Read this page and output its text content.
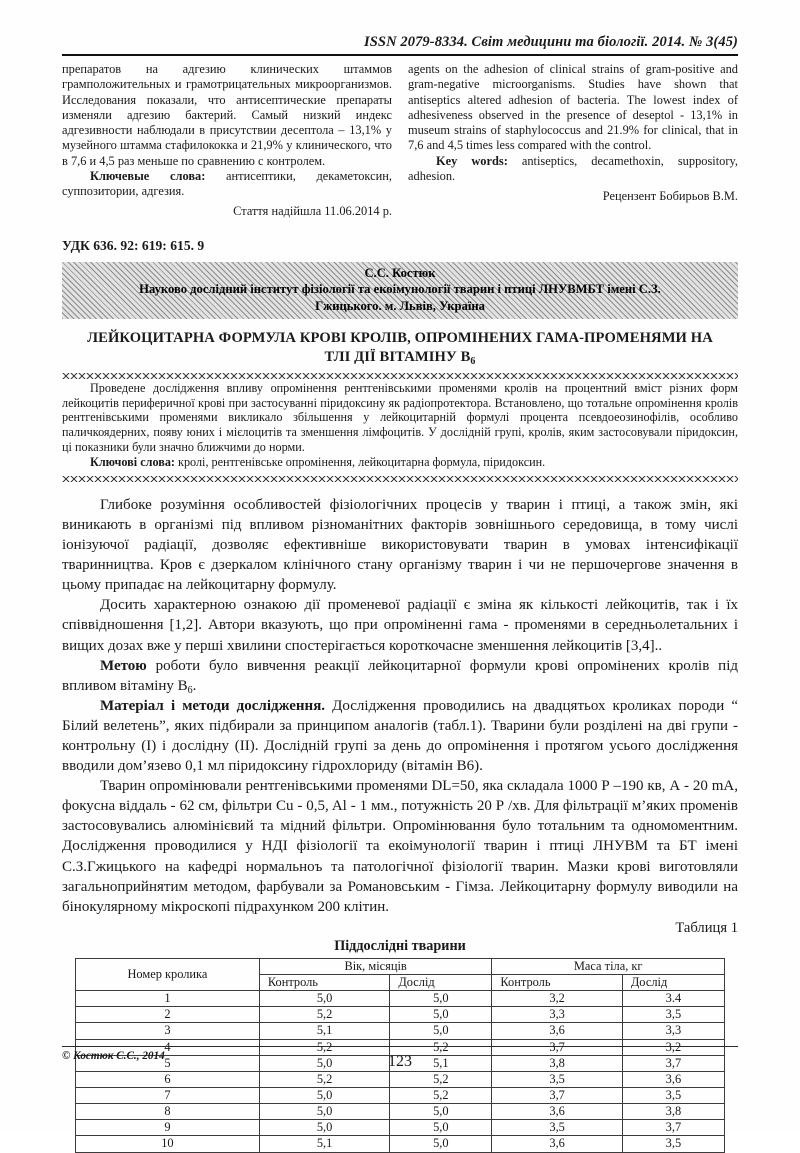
ISSN 2079-8334. Світ медицини та біології. 2014. № 3(45)

препаратов на адгезию клинических штаммов грамположительных и грамотрицательных микроорганизмов. Исследования показали, что антисептические препараты изменяли адгезию бактерий. Самый низкий индекс адгезивности наблюдали в присутствии десептола – 13,1% у музейного штамма стафилококка и 21,9% у клинического, что в 7,6 и 4,5 раз меньше по сравнению с контролем.

Ключевые слова: антисептики, декаметоксин, суппозитории, адгезия.

Стаття надійшла 11.06.2014 р.

agents on the adhesion of clinical strains of gram-positive and gram-negative microorganisms. Studies have shown that antiseptics altered adhesion of bacteria. The lowest index of adhesiveness observed in the presence of deseptol - 13,1% in museum strains of staphylococcus and 21.9% for clinical, that in 7,6 and 4,5 times less compared with the control.

Key words: antiseptics, decamethoxin, suppository, adhesion.

Рецензент Бобирьов В.М.
УДК 636. 92: 619: 615. 9
С.С. Костюк
Науково дослідний інститут фізіології та екоімунології тварин і птиці ЛНУВМБТ імені С.З.
Гжицького. м. Львів, Україна
ЛЕЙКОЦИТАРНА ФОРМУЛА КРОВІ КРОЛІВ, ОПРОМІНЕНИХ ГАМА-ПРОМЕНЯМИ НА
ТЛІ ДІЇ ВІТАМІНУ $В_6$

Проведене дослідження впливу опромінення рентгенівськими променями кролів на процентний вміст різних форм лейкоцитів периферичної крові при застосуванні піридоксину як радіопротектора. Встановлено, що тотальне опромінення кролів рентгенівськими променями викликало збільшення у лейкоцитарній формулі процента псевдоеозинофілів, особливо паличкоядерних, появу юних і мієлоцитів та зменшення лімфоцитів. У дослідній групі, кролів, яким застосовували піридоксин, ці показники були значно ближчими до норми.

Ключові слова: кролі, рентгенівське опромінення, лейкоцитарна формула, піридоксин.

Глибоке розуміння особливостей фізіологічних процесів у тварин і птиці, а також змін, які виникають в організмі під впливом різноманітних факторів зовнішнього середовища, в тому числі іонізуючої радіації, дозволяє ефективніше використовувати тварин в умовах інтенсифікації тваринництва. Кров є дзеркалом клінічного стану організму тварин і чи не першочергове значення в цьому припадає на лейкоцитарну формулу.

Досить характерною ознакою дії променевої радіації є зміна як кількості лейкоцитів, так і їх співвідношення [1,2]. Автори вказують, що при опроміненні гама - променями в середньолетальних і вищих дозах вже у перші хвилини спостерігається короткочасне зменшення лейкоцитів [3,4]..

Метою роботи було вивчення реакції лейкоцитарної формули крові опромінених кролів під впливом вітаміну $В_6$.

Матеріал і методи дослідження. Дослідження проводились на двадцятьох кроликах породи “ Білий велетень”, яких підбирали за принципом аналогів (табл.1). Тварини були розділені на дві групи - контрольну (І) і дослідну (ІІ). Дослідній групі за день до опромінення і протягом усього дослідження вводили дом’язево 0,1 мл піридоксину гідрохлориду (вітамін В6).

Тварин опромінювали рентгенівськими променями DL=50, яка складала 1000 Р –190 кв, А - 20 mA, фокусна віддаль - 62 см, фільтри Cu - 0,5, Al - 1 мм., потужність 20 Р /хв. Для фільтрації м’яких променів застосовувались алюмінієвий та мідний фільтри. Опромінювання було тотальним та одномоментним. Дослідження проводилися у НДІ фізіології та екоімунології тварин і птиці ЛНУВМ та БТ імені С.З.Гжицького на кафедрі нормальноъ та патологічної фізіології тварин. Мазки крові виготовляли загальноприйнятим методом, фарбували за Романовським - Гімза. Лейкоцитарну формулу виводили на бінокулярному мікроскопі підрахунком 200 клітин.

Таблиця 1
Піддослідні тварини
Номер кролика	Вік, місяців		Маса тіла, кг	
	Контроль	Дослід	Контроль	Дослід
1	5,0	5,0	3,2	3.4
2	5,2	5,0	3,3	3,5
3	5,1	5,0	3,6	3,3
4	5,2	5,2	3,7	3,2
5	5,0	5,1	3,8	3,7
6	5,2	5,2	3,5	3,6
7	5,0	5,2	3,7	3,5
8	5,0	5,0	3,6	3,8
9	5,0	5,0	3,5	3,7
10	5,1	5,0	3,6	3,5
© Костюк С.С., 2014	123
